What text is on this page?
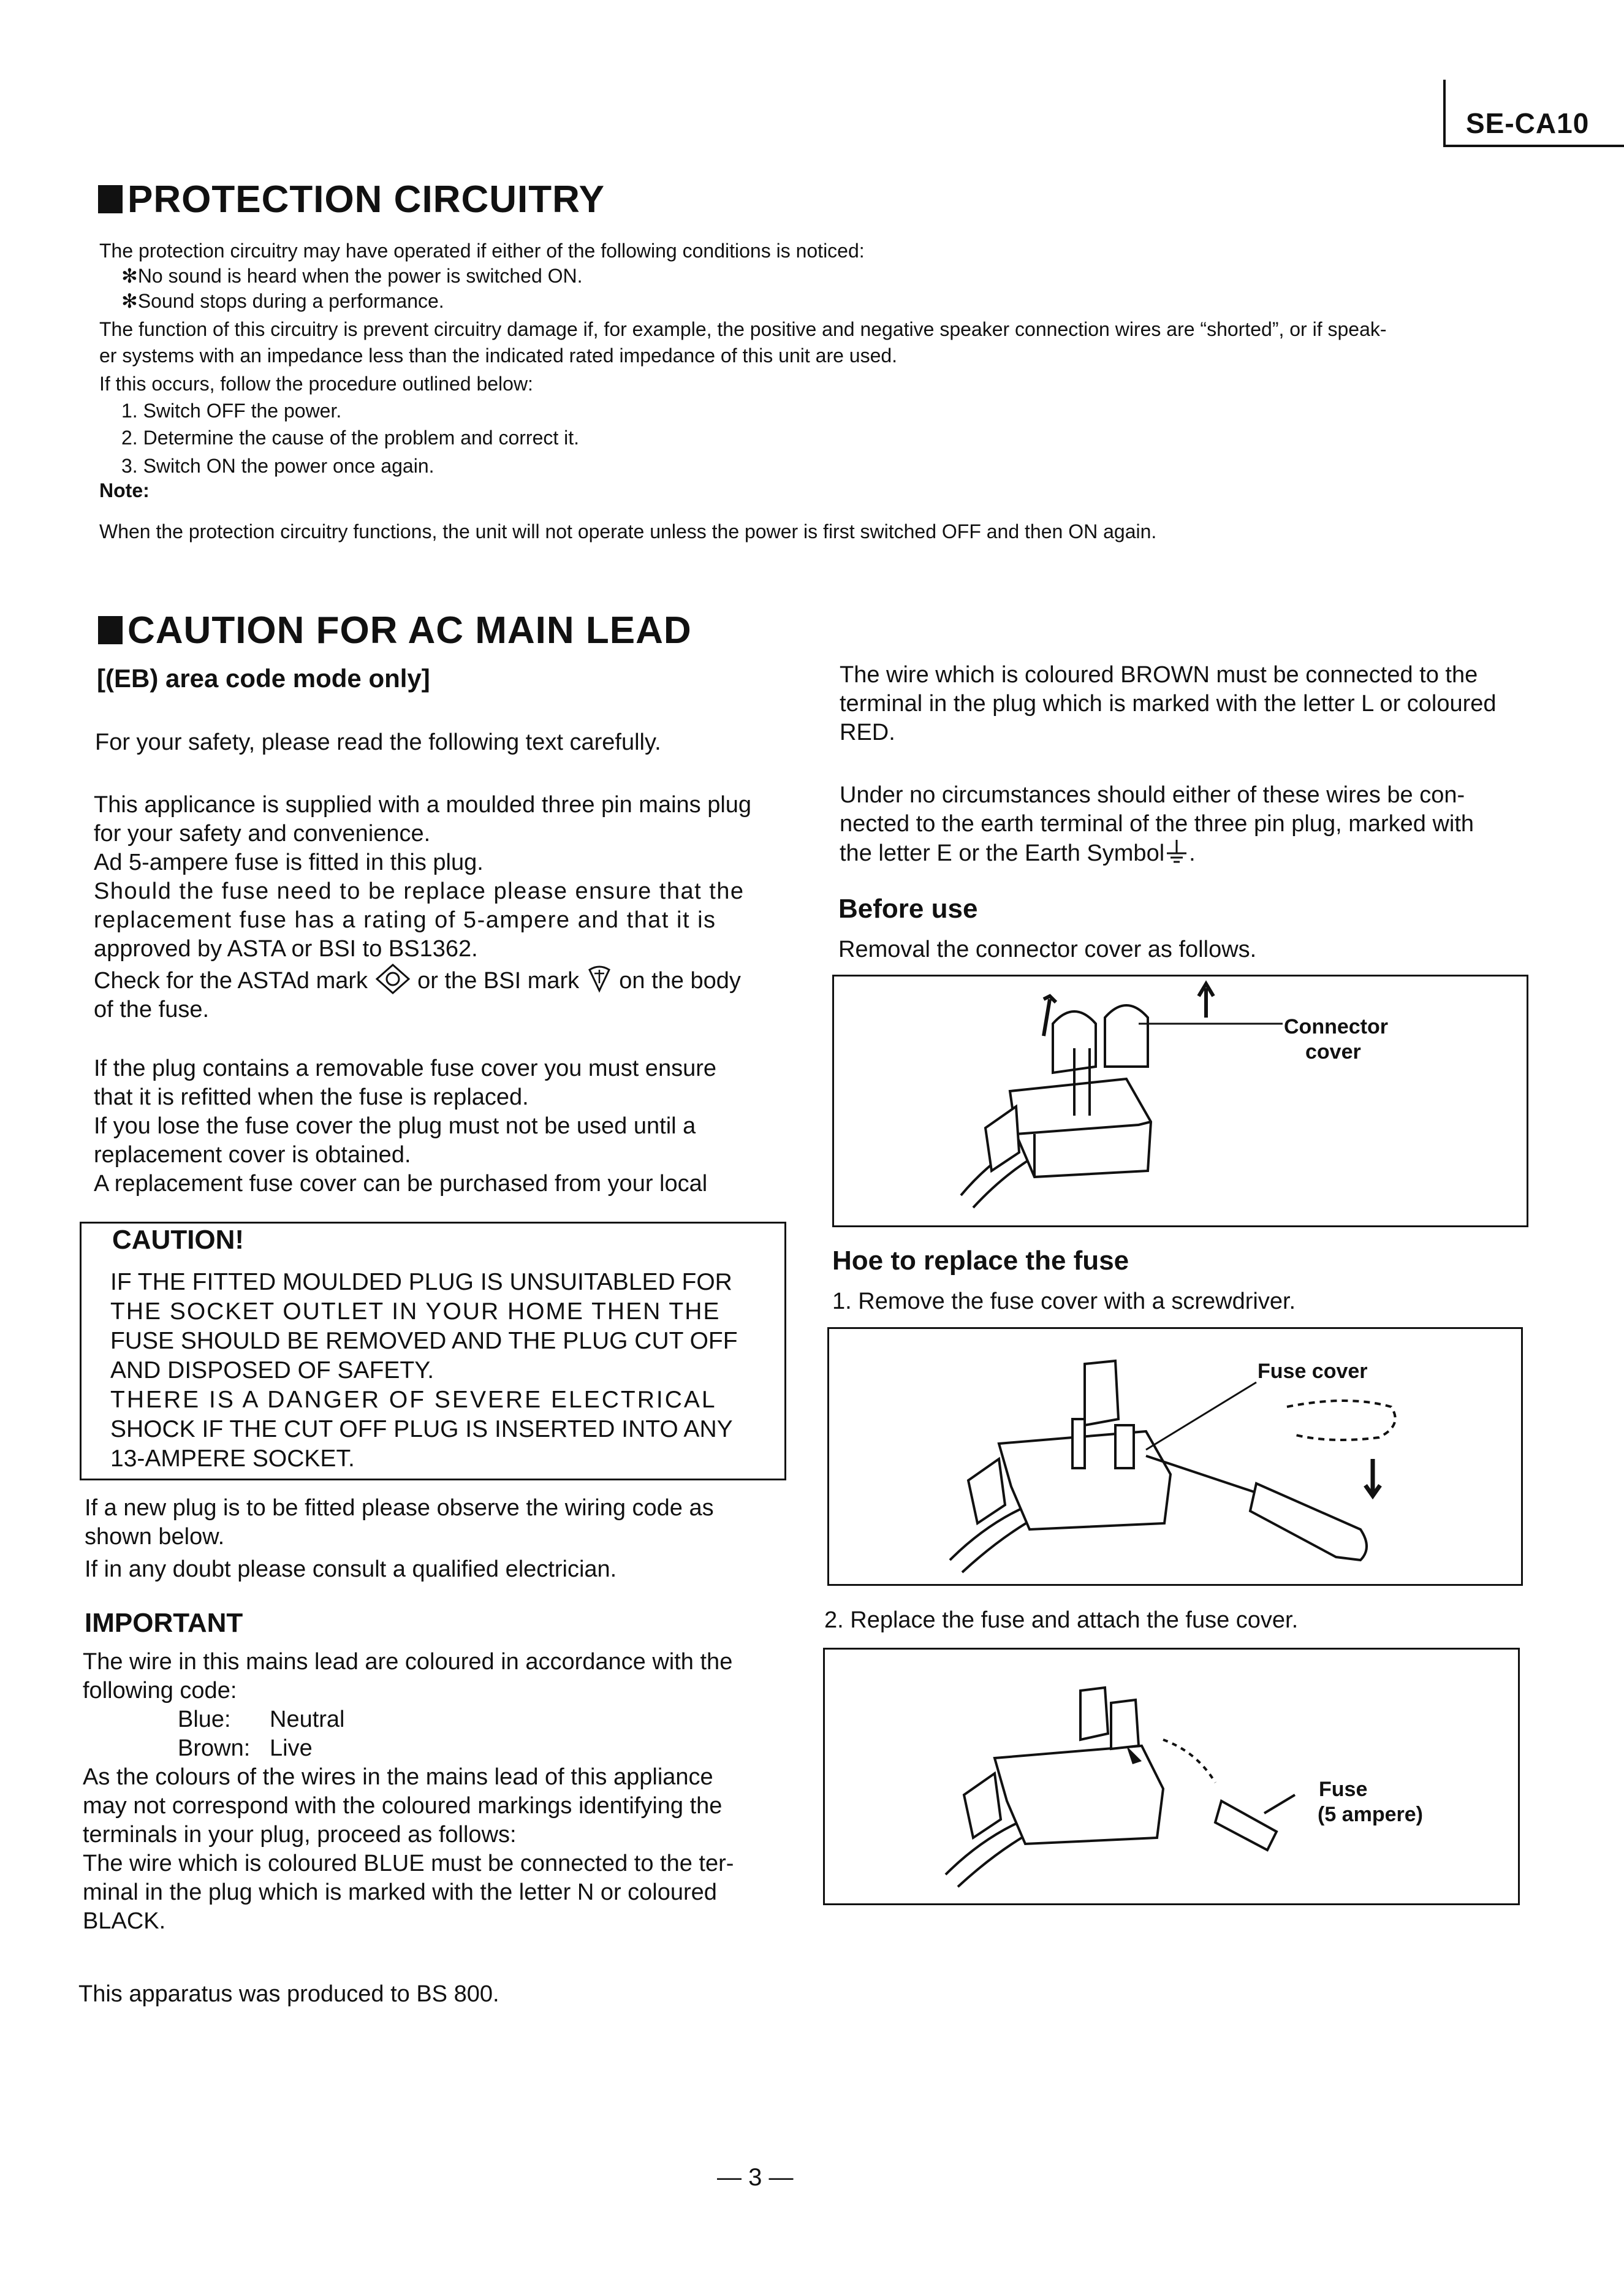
SE-CA10
PROTECTION CIRCUITRY
The protection circuitry may have operated if either of the following conditions is noticed:
✻No sound is heard when the power is switched ON.
✻Sound stops during a performance.
The function of this circuitry is prevent circuitry damage if, for example, the positive and negative speaker connection wires are “shorted”, or if speak-
er systems with an impedance less than the indicated rated impedance of this unit are used.
If this occurs, follow the procedure outlined below:
1. Switch OFF the power.
2. Determine the cause of the problem and correct it.
3. Switch ON the power once again.
Note:
When the protection circuitry functions, the unit will not operate unless the power is first switched OFF and then ON again.
CAUTION FOR AC MAIN LEAD
[(EB) area code mode only]
For your safety, please read the following text carefully.
This applicance is supplied with a moulded three pin mains plug
for your safety and convenience.
Ad 5-ampere fuse is fitted in this plug.
Should the fuse need to be replace please ensure that the
replacement fuse has a rating of 5-ampere and that it is
approved by ASTA or BSI to BS1362.
Check for the ASTAd mark or the BSI mark on the body
of the fuse.
If the plug contains a removable fuse cover you must ensure
that it is refitted when the fuse is replaced.
If you lose the fuse cover the plug must not be used until a
replacement cover is obtained.
A replacement fuse cover can be purchased from your local
CAUTION!
IF THE FITTED MOULDED PLUG IS UNSUITABLED FOR
THE SOCKET OUTLET IN YOUR HOME THEN THE
FUSE SHOULD BE REMOVED AND THE PLUG CUT OFF
AND DISPOSED OF SAFETY.
THERE IS A DANGER OF SEVERE ELECTRICAL
SHOCK IF THE CUT OFF PLUG IS INSERTED INTO ANY
13-AMPERE SOCKET.
If a new plug is to be fitted please observe the wiring code as
shown below.
If in any doubt please consult a qualified electrician.
IMPORTANT
The wire in this mains lead are coloured in accordance with the
following code:
Blue: Neutral
Brown: Live
As the colours of the wires in the mains lead of this appliance
may not correspond with the coloured markings identifying the
terminals in your plug, proceed as follows:
The wire which is coloured BLUE must be connected to the ter-
minal in the plug which is marked with the letter N or coloured
BLACK.
This apparatus was produced to BS 800.
The wire which is coloured BROWN must be connected to the
terminal in the plug which is marked with the letter L or coloured
RED.
Under no circumstances should either of these wires be con-
nected to the earth terminal of the three pin plug, marked with
the letter E or the Earth Symbol .
Before use
Removal the connector cover as follows.
Connector
cover
Hoe to replace the fuse
1. Remove the fuse cover with a screwdriver.
Fuse cover
2. Replace the fuse and attach the fuse cover.
Fuse
(5 ampere)
— 3 —
